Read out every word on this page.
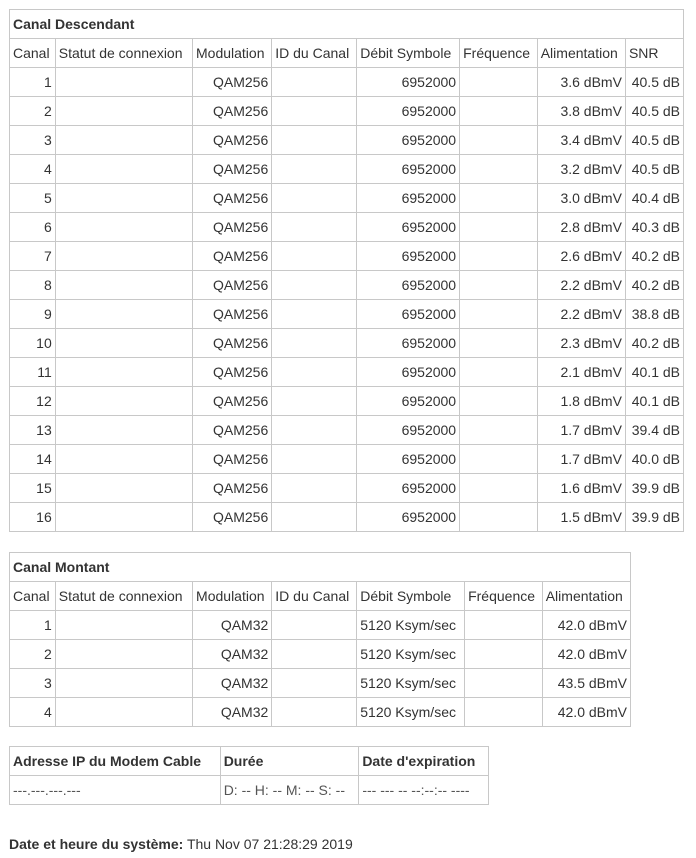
Canal Descendant							
Canal	Statut de connexion	Modulation	ID du Canal	Débit Symbole	Fréquence	Alimentation	SNR
1		QAM256		6952000		3.6 dBmV	40.5 dB
2		QAM256		6952000		3.8 dBmV	40.5 dB
3		QAM256		6952000		3.4 dBmV	40.5 dB
4		QAM256		6952000		3.2 dBmV	40.5 dB
5		QAM256		6952000		3.0 dBmV	40.4 dB
6		QAM256		6952000		2.8 dBmV	40.3 dB
7		QAM256		6952000		2.6 dBmV	40.2 dB
8		QAM256		6952000		2.2 dBmV	40.2 dB
9		QAM256		6952000		2.2 dBmV	38.8 dB
10		QAM256		6952000		2.3 dBmV	40.2 dB
11		QAM256		6952000		2.1 dBmV	40.1 dB
12		QAM256		6952000		1.8 dBmV	40.1 dB
13		QAM256		6952000		1.7 dBmV	39.4 dB
14		QAM256		6952000		1.7 dBmV	40.0 dB
15		QAM256		6952000		1.6 dBmV	39.9 dB
16		QAM256		6952000		1.5 dBmV	39.9 dB
Canal Montant						
Canal	Statut de connexion	Modulation	ID du Canal	Débit Symbole	Fréquence	Alimentation
1		QAM32		5120 Ksym/sec		42.0 dBmV
2		QAM32		5120 Ksym/sec		42.0 dBmV
3		QAM32		5120 Ksym/sec		43.5 dBmV
4		QAM32		5120 Ksym/sec		42.0 dBmV
Adresse IP du Modem Cable	Durée	Date d'expiration
---.---.---.---	D: -- H: -- M: -- S: --	--- --- -- --:--:-- ----
Date et heure du système: Thu Nov 07 21:28:29 2019
